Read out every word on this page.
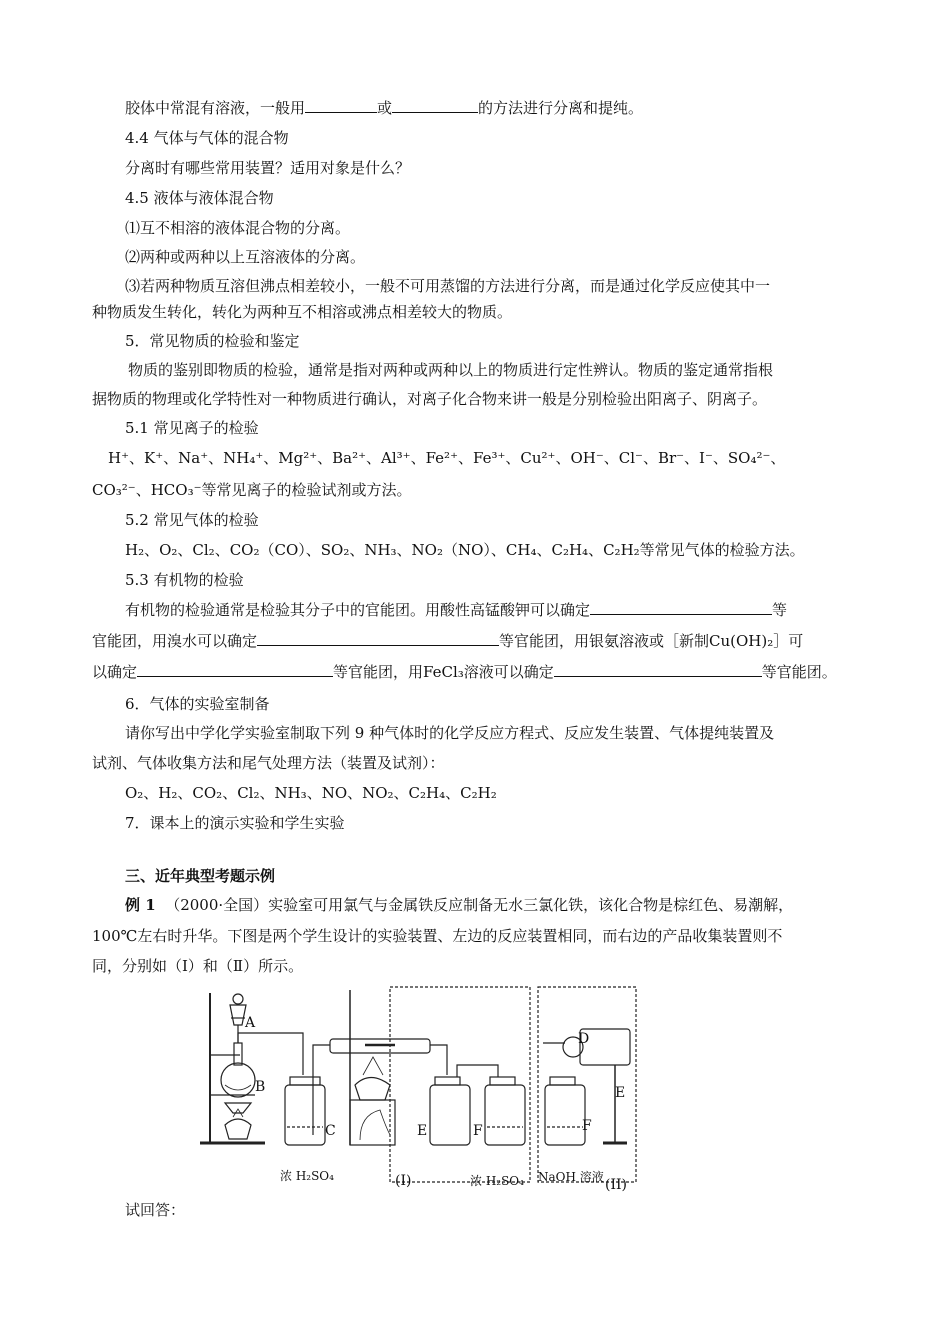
胶体中常混有溶液，一般用	或	的方法进行分离和提纯。
4.4 气体与气体的混合物
分离时有哪些常用装置？适用对象是什么？
4.5 液体与液体混合物
⑴互不相溶的液体混合物的分离。
⑵两种或两种以上互溶液体的分离。
⑶若两种物质互溶但沸点相差较小，一般不可用蒸馏的方法进行分离，而是通过化学反应使其中一
种物质发生转化，转化为两种互不相溶或沸点相差较大的物质。
5．常见物质的检验和鉴定
物质的鉴别即物质的检验，通常是指对两种或两种以上的物质进行定性辨认。物质的鉴定通常指根
据物质的物理或化学特性对一种物质进行确认，对离子化合物来讲一般是分别检验出阳离子、阴离子。
5.1 常见离子的检验
H⁺、K⁺、Na⁺、NH₄⁺、Mg²⁺、Ba²⁺、Al³⁺、Fe²⁺、Fe³⁺、Cu²⁺、OH⁻、Cl⁻、Br⁻、I⁻、SO₄²⁻、
CO₃²⁻、HCO₃⁻等常见离子的检验试剂或方法。
5.2 常见气体的检验
H₂、O₂、Cl₂、CO₂（CO）、SO₂、NH₃、NO₂（NO）、CH₄、C₂H₄、C₂H₂等常见气体的检验方法。
5.3 有机物的检验
有机物的检验通常是检验其分子中的官能团。用酸性高锰酸钾可以确定	等
官能团，用溴水可以确定	等官能团，用银氨溶液或［新制Cu(OH)₂］可
以确定	等官能团，用FeCl₃溶液可以确定	等官能团。
6．气体的实验室制备
请你写出中学化学实验室制取下列 9 种气体时的化学反应方程式、反应发生装置、气体提纯装置及
试剂、气体收集方法和尾气处理方法（装置及试剂）：
O₂、H₂、CO₂、Cl₂、NH₃、NO、NO₂、C₂H₄、C₂H₂
7．课本上的演示实验和学生实验
三、近年典型考题示例
例 1 （2000·全国）实验室可用氯气与金属铁反应制备无水三氯化铁，该化合物是棕红色、易潮解，
100℃左右时升华。下图是两个学生设计的实验装置、左边的反应装置相同，而右边的产品收集装置则不
同，分别如（Ⅰ）和（Ⅱ）所示。
试回答：
A
B
C	E	F
D
E
F
浓 H₂SO₄	(I)	浓 H₂SO₄ NaOH 溶液 (II)
